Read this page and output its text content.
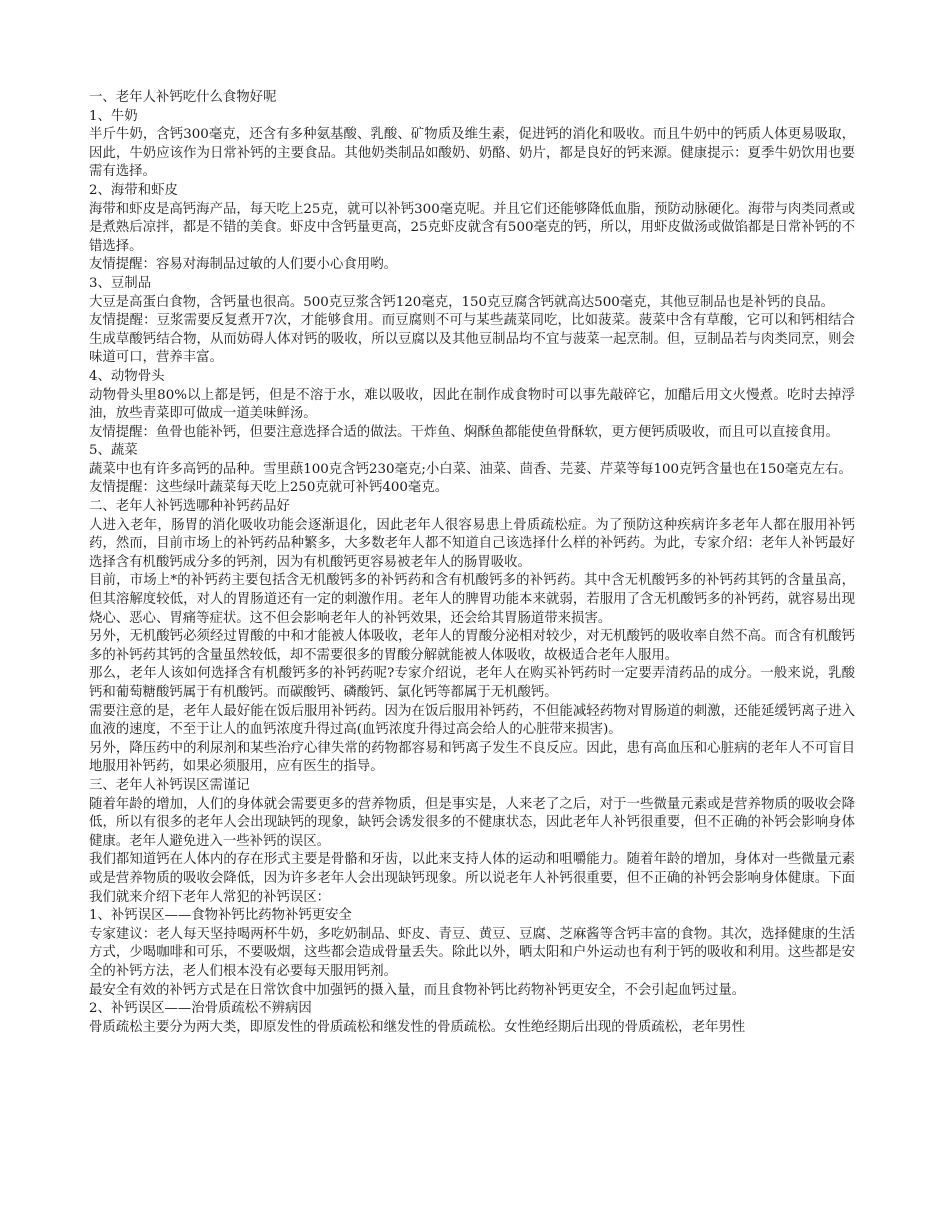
一、老年人补钙吃什么食物好呢

1、牛奶

半斤牛奶，含钙300毫克，还含有多种氨基酸、乳酸、矿物质及维生素，促进钙的消化和吸收。而且牛奶中的钙质人体更易吸取，因此，牛奶应该作为日常补钙的主要食品。其他奶类制品如酸奶、奶酪、奶片，都是良好的钙来源。健康提示：夏季牛奶饮用也要需有选择。

2、海带和虾皮

海带和虾皮是高钙海产品，每天吃上25克，就可以补钙300毫克呢。并且它们还能够降低血脂，预防动脉硬化。海带与肉类同煮或是煮熟后凉拌，都是不错的美食。虾皮中含钙量更高，25克虾皮就含有500毫克的钙，所以，用虾皮做汤或做馅都是日常补钙的不错选择。

友情提醒：容易对海制品过敏的人们要小心食用哟。

3、豆制品

大豆是高蛋白食物，含钙量也很高。500克豆浆含钙120毫克，150克豆腐含钙就高达500毫克，其他豆制品也是补钙的良品。

友情提醒：豆浆需要反复煮开7次，才能够食用。而豆腐则不可与某些蔬菜同吃，比如菠菜。菠菜中含有草酸，它可以和钙相结合生成草酸钙结合物，从而妨碍人体对钙的吸收，所以豆腐以及其他豆制品均不宜与菠菜一起烹制。但，豆制品若与肉类同烹，则会味道可口，营养丰富。

4、动物骨头

动物骨头里80%以上都是钙，但是不溶于水，难以吸收，因此在制作成食物时可以事先敲碎它，加醋后用文火慢煮。吃时去掉浮油，放些青菜即可做成一道美味鲜汤。

友情提醒：鱼骨也能补钙，但要注意选择合适的做法。干炸鱼、焖酥鱼都能使鱼骨酥软，更方便钙质吸收，而且可以直接食用。

5、蔬菜

蔬菜中也有许多高钙的品种。雪里蕻100克含钙230毫克;小白菜、油菜、茴香、芫荽、芹菜等每100克钙含量也在150毫克左右。

友情提醒：这些绿叶蔬菜每天吃上250克就可补钙400毫克。

二、老年人补钙选哪种补钙药品好

人进入老年，肠胃的消化吸收功能会逐渐退化，因此老年人很容易患上骨质疏松症。为了预防这种疾病许多老年人都在服用补钙药，然而，目前市场上的补钙药品种繁多，大多数老年人都不知道自己该选择什么样的补钙药。为此，专家介绍：老年人补钙最好选择含有机酸钙成分多的钙剂，因为有机酸钙更容易被老年人的肠胃吸收。

目前，市场上*的补钙药主要包括含无机酸钙多的补钙药和含有机酸钙多的补钙药。其中含无机酸钙多的补钙药其钙的含量虽高，但其溶解度较低，对人的胃肠道还有一定的刺激作用。老年人的脾胃功能本来就弱，若服用了含无机酸钙多的补钙药，就容易出现烧心、恶心、胃痛等症状。这不但会影响老年人的补钙效果，还会给其胃肠道带来损害。

另外，无机酸钙必须经过胃酸的中和才能被人体吸收，老年人的胃酸分泌相对较少，对无机酸钙的吸收率自然不高。而含有机酸钙多的补钙药其钙的含量虽然较低，却不需要很多的胃酸分解就能被人体吸收，故极适合老年人服用。

那么，老年人该如何选择含有机酸钙多的补钙药呢?专家介绍说，老年人在购买补钙药时一定要弄清药品的成分。一般来说，乳酸钙和葡萄糖酸钙属于有机酸钙。而碳酸钙、磷酸钙、氯化钙等都属于无机酸钙。

需要注意的是，老年人最好能在饭后服用补钙药。因为在饭后服用补钙药，不但能减轻药物对胃肠道的刺激，还能延缓钙离子进入血液的速度，不至于让人的血钙浓度升得过高(血钙浓度升得过高会给人的心脏带来损害)。

另外，降压药中的利尿剂和某些治疗心律失常的药物都容易和钙离子发生不良反应。因此，患有高血压和心脏病的老年人不可盲目地服用补钙药，如果必须服用，应有医生的指导。

三、老年人补钙误区需谨记

随着年龄的增加，人们的身体就会需要更多的营养物质，但是事实是，人来老了之后，对于一些微量元素或是营养物质的吸收会降低，所以有很多的老年人会出现缺钙的现象，缺钙会诱发很多的不健康状态，因此老年人补钙很重要，但不正确的补钙会影响身体健康。老年人避免进入一些补钙的误区。

我们都知道钙在人体内的存在形式主要是骨骼和牙齿，以此来支持人体的运动和咀嚼能力。随着年龄的增加，身体对一些微量元素或是营养物质的吸收会降低，因为许多老年人会出现缺钙现象。所以说老年人补钙很重要，但不正确的补钙会影响身体健康。下面我们就来介绍下老年人常犯的补钙误区：

1、补钙误区——食物补钙比药物补钙更安全

专家建议：老人每天坚持喝两杯牛奶，多吃奶制品、虾皮、青豆、黄豆、豆腐、芝麻酱等含钙丰富的食物。其次，选择健康的生活方式，少喝咖啡和可乐，不要吸烟，这些都会造成骨量丢失。除此以外，晒太阳和户外运动也有利于钙的吸收和利用。这些都是安全的补钙方法，老人们根本没有必要每天服用钙剂。

最安全有效的补钙方式是在日常饮食中加强钙的摄入量，而且食物补钙比药物补钙更安全，不会引起血钙过量。

2、补钙误区——治骨质疏松不辨病因

骨质疏松主要分为两大类，即原发性的骨质疏松和继发性的骨质疏松。女性绝经期后出现的骨质疏松，老年男性
